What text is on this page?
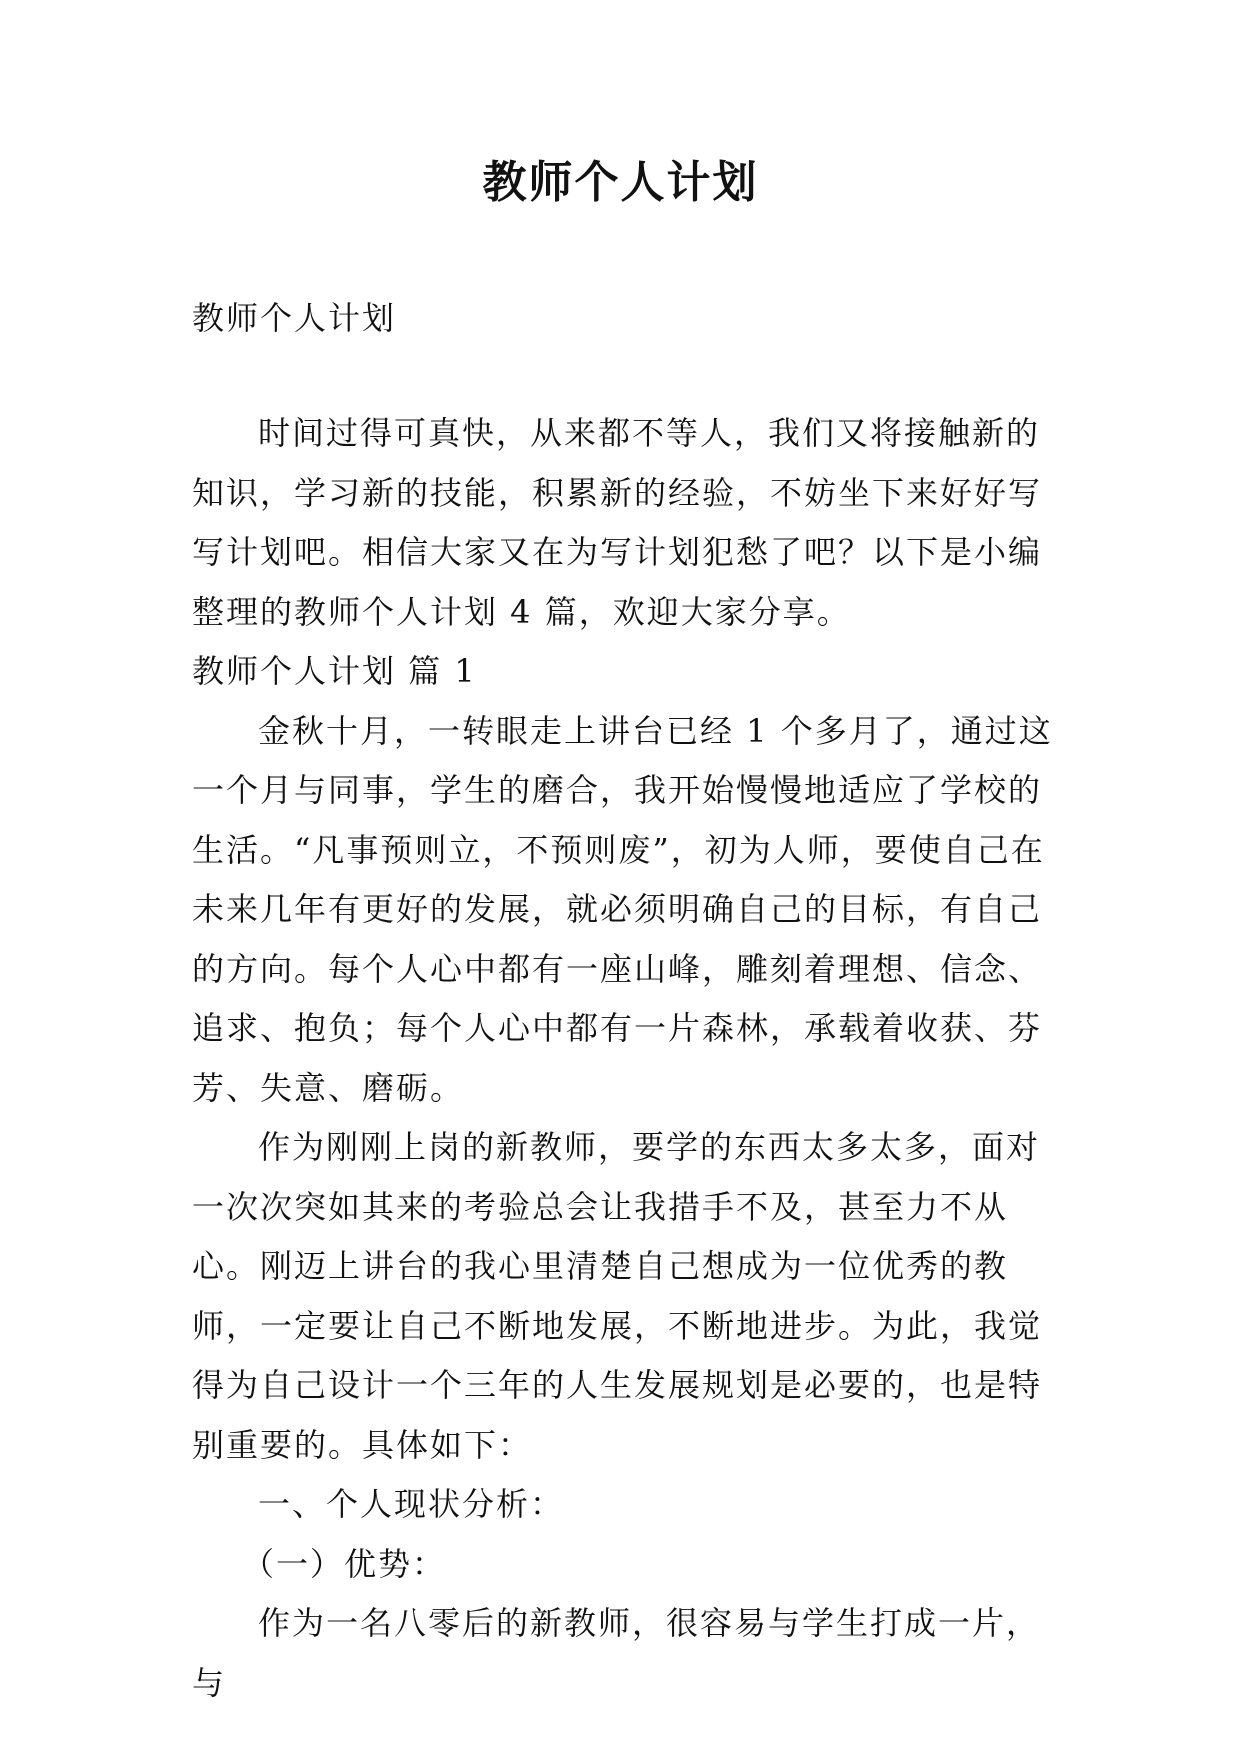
教师个人计划
教师个人计划

时间过得可真快，从来都不等人，我们又将接触新的知识，学习新的技能，积累新的经验，不妨坐下来好好写写计划吧。相信大家又在为写计划犯愁了吧？以下是小编整理的教师个人计划 4 篇，欢迎大家分享。

教师个人计划 篇 1

金秋十月，一转眼走上讲台已经 1 个多月了，通过这一个月与同事，学生的磨合，我开始慢慢地适应了学校的生活。“凡事预则立，不预则废”，初为人师，要使自己在未来几年有更好的发展，就必须明确自己的目标，有自己的方向。每个人心中都有一座山峰，雕刻着理想、信念、追求、抱负；每个人心中都有一片森林，承载着收获、芬芳、失意、磨砺。

作为刚刚上岗的新教师，要学的东西太多太多，面对一次次突如其来的考验总会让我措手不及，甚至力不从心。刚迈上讲台的我心里清楚自己想成为一位优秀的教师，一定要让自己不断地发展，不断地进步。为此，我觉得为自己设计一个三年的人生发展规划是必要的，也是特别重要的。具体如下：

一、个人现状分析：

（一）优势：

作为一名八零后的新教师，很容易与学生打成一片，与
